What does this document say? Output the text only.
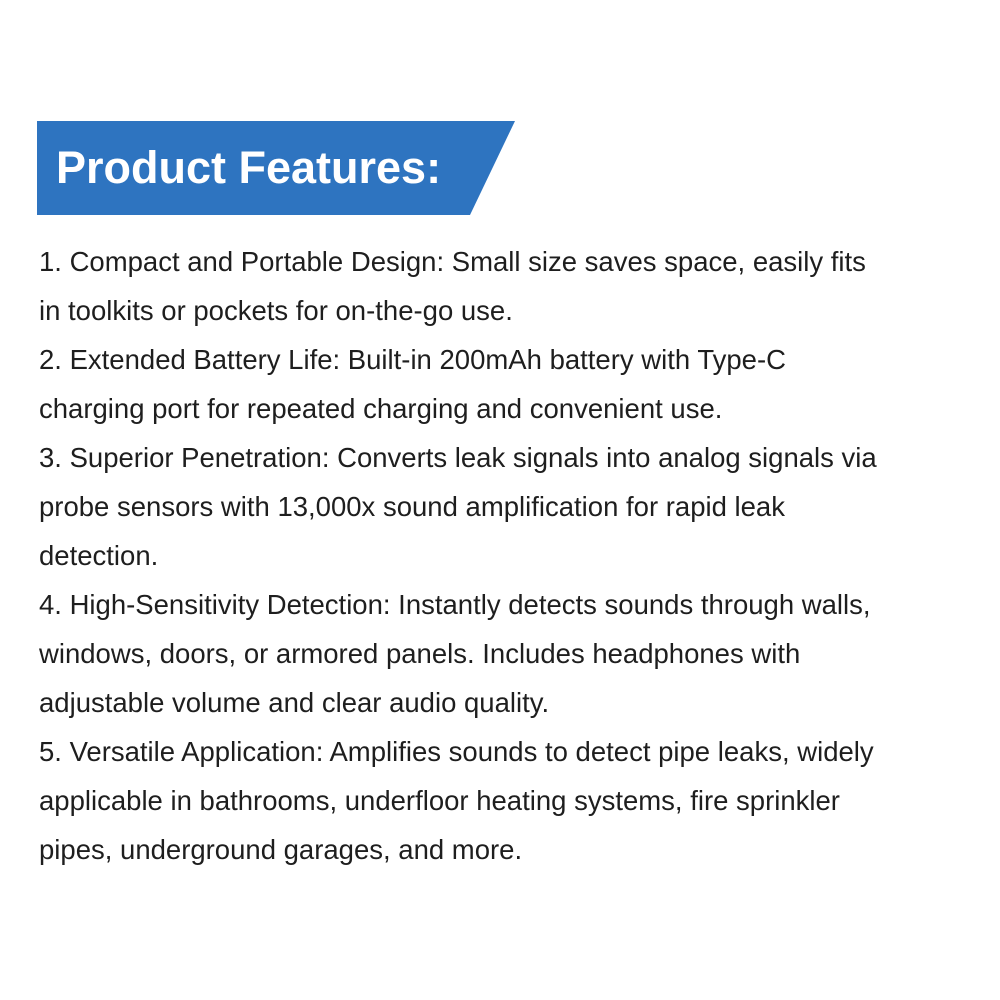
Product Features:
1. Compact and Portable Design: Small size saves space, easily fits
in toolkits or pockets for on-the-go use.
2. Extended Battery Life: Built-in 200mAh battery with Type-C
charging port for repeated charging and convenient use.
3. Superior Penetration: Converts leak signals into analog signals via
probe sensors with 13,000x sound amplification for rapid leak
detection.
4. High-Sensitivity Detection: Instantly detects sounds through walls,
windows, doors, or armored panels. Includes headphones with
adjustable volume and clear audio quality.
5. Versatile Application: Amplifies sounds to detect pipe leaks, widely
applicable in bathrooms, underfloor heating systems, fire sprinkler
pipes, underground garages, and more.
